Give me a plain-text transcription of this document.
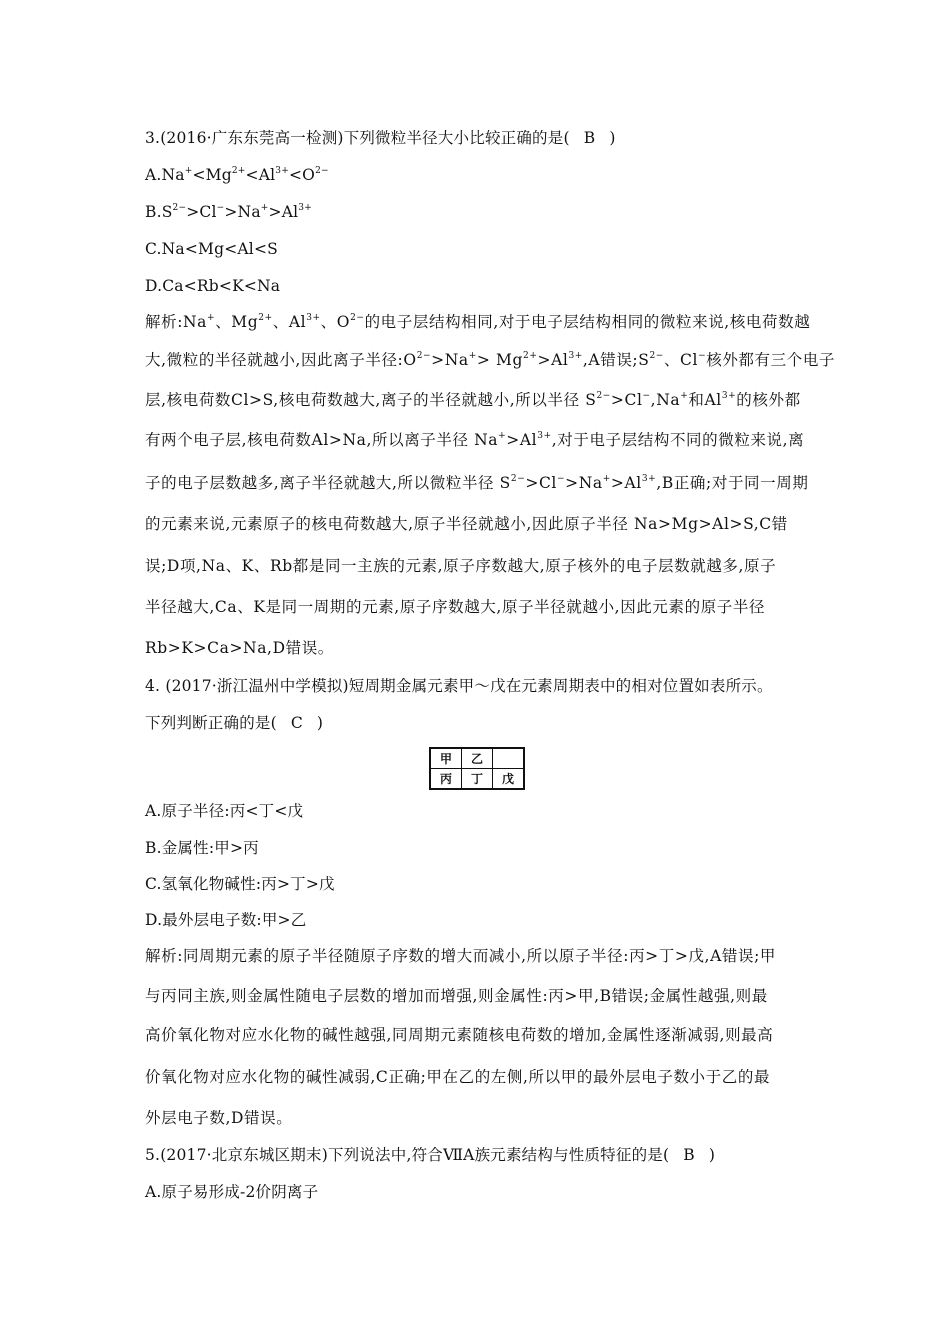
3.(2016·广东东莞高一检测)下列微粒半径大小比较正确的是( B )
$A.Na^+<Mg^{2+}<Al^{3+}<O^{2-}$
$B.S^{2-}>Cl^->Na^+>Al^{3+}$
C.Na<Mg<Al<S
D.Ca<Rb<K<Na
解析:Na+、$Mg^{2+}$、$Al^{3+}$、$O^{2-}$的电子层结构相同,对于电子层结构相同的微粒来说,核电荷数越
大,微粒的半径就越小,因此离子半径$:O^{2-}>Na^+> Mg^{2+}>Al^{3+},A$错误$;S^{2-}$、Cl−核外都有三个电子
层,核电荷数Cl>S,核电荷数越大,离子的半径就越小,所以半径 $S^{2-}>Cl^-,Na^+$和$Al^{3+}$的核外都
有两个电子层,核电荷数Al>Na,所以离子半径 $Na^+>Al^{3+}$,对于电子层结构不同的微粒来说,离
子的电子层数越多,离子半径就越大,所以微粒半径 $S^{2-}>Cl^->Na^+>Al^{3+},B$正确;对于同一周期
的元素来说,元素原子的核电荷数越大,原子半径就越小,因此原子半径 Na>Mg>Al>S,C错
误;D项,Na、K、Rb都是同一主族的元素,原子序数越大,原子核外的电子层数就越多,原子
半径越大,Ca、K是同一周期的元素,原子序数越大,原子半径就越小,因此元素的原子半径
Rb>K>Ca>Na,D错误。
4. (2017·浙江温州中学模拟)短周期金属元素甲～戊在元素周期表中的相对位置如表所示。
下列判断正确的是( C )
甲	乙	
丙	丁	戊
A.原子半径:丙<丁<戊
B.金属性:甲>丙
C.氢氧化物碱性:丙>丁>戊
D.最外层电子数:甲>乙
解析:同周期元素的原子半径随原子序数的增大而减小,所以原子半径:丙>丁>戊,A错误;甲
与丙同主族,则金属性随电子层数的增加而增强,则金属性:丙>甲,B错误;金属性越强,则最
高价氧化物对应水化物的碱性越强,同周期元素随核电荷数的增加,金属性逐渐减弱,则最高
价氧化物对应水化物的碱性减弱,C正确;甲在乙的左侧,所以甲的最外层电子数小于乙的最
外层电子数,D错误。
5.(2017·北京东城区期末)下列说法中,符合ⅦA族元素结构与性质特征的是( B )
A.原子易形成-2价阴离子
